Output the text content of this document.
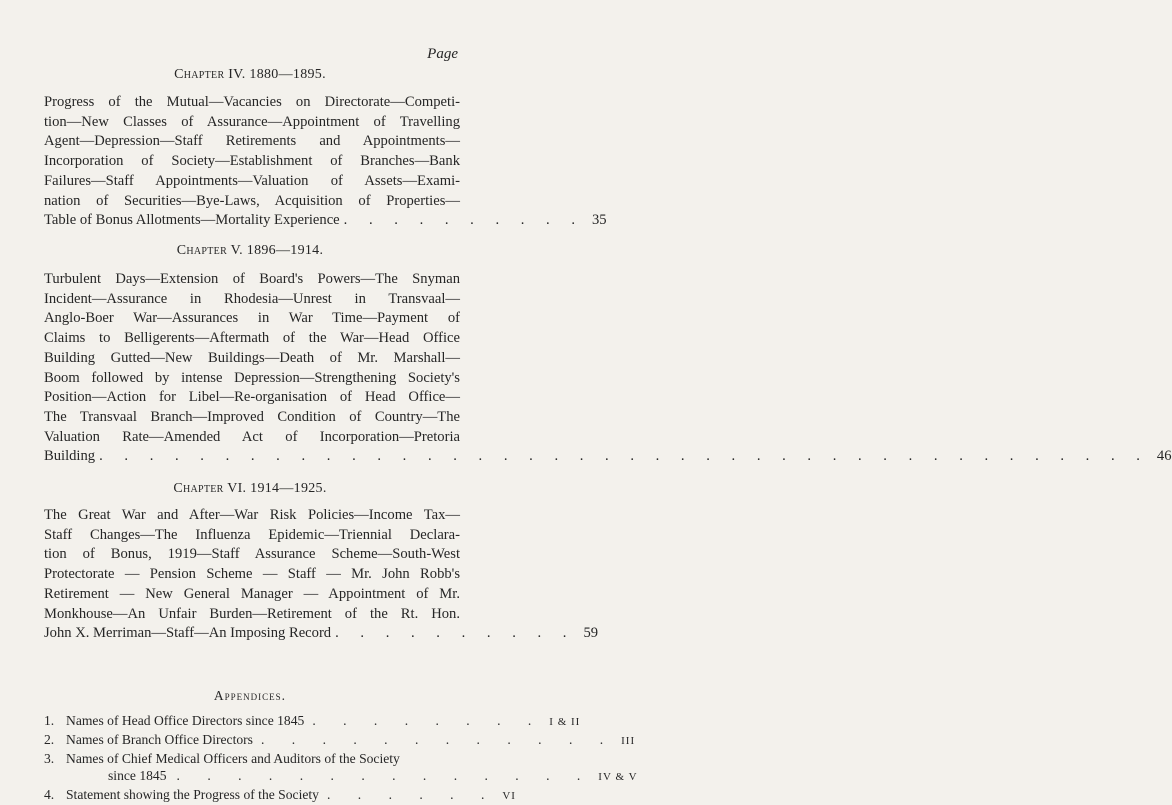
Page
Chapter IV. 1880—1895.
Progress of the Mutual—Vacancies on Directorate—Competi-
tion—New Classes of Assurance—Appointment of Travelling
Agent—Depression—Staff Retirements and Appointments—
Incorporation of Society—Establishment of Branches—Bank
Failures—Staff Appointments—Valuation of Assets—Exami-
nation of Securities—Bye-Laws, Acquisition of Properties—
Table of Bonus Allotments—Mortality Experience . . . . . . . . . . 35
Chapter V. 1896—1914.
Turbulent Days—Extension of Board's Powers—The Snyman
Incident—Assurance in Rhodesia—Unrest in Transvaal—
Anglo-Boer War—Assurances in War Time—Payment of
Claims to Belligerents—Aftermath of the War—Head Office
Building Gutted—New Buildings—Death of Mr. Marshall—
Boom followed by intense Depression—Strengthening Society's
Position—Action for Libel—Re-organisation of Head Office—
The Transvaal Branch—Improved Condition of Country—The
Valuation Rate—Amended Act of Incorporation—Pretoria
Building . . . . . . . . . . . . . . . . . . . . . . . . . . . . . . . . . . . . . . . . . . 46
Chapter VI. 1914—1925.
The Great War and After—War Risk Policies—Income Tax—
Staff Changes—The Influenza Epidemic—Triennial Declara-
tion of Bonus, 1919—Staff Assurance Scheme—South-West
Protectorate — Pension Scheme — Staff — Mr. John Robb's
Retirement — New General Manager — Appointment of Mr.
Monkhouse—An Unfair Burden—Retirement of the Rt. Hon.
John X. Merriman—Staff—An Imposing Record . . . . . . . . . . 59
Appendices.
1. Names of Head Office Directors since 1845 . . . . . . . . I & II
2. Names of Branch Office Directors . . . . . . . . . . . . III
3. Names of Chief Medical Officers and Auditors of the Society
since 1845 . . . . . . . . . . . . . . IV & V
4. Statement showing the Progress of the Society . . . . . . VI
